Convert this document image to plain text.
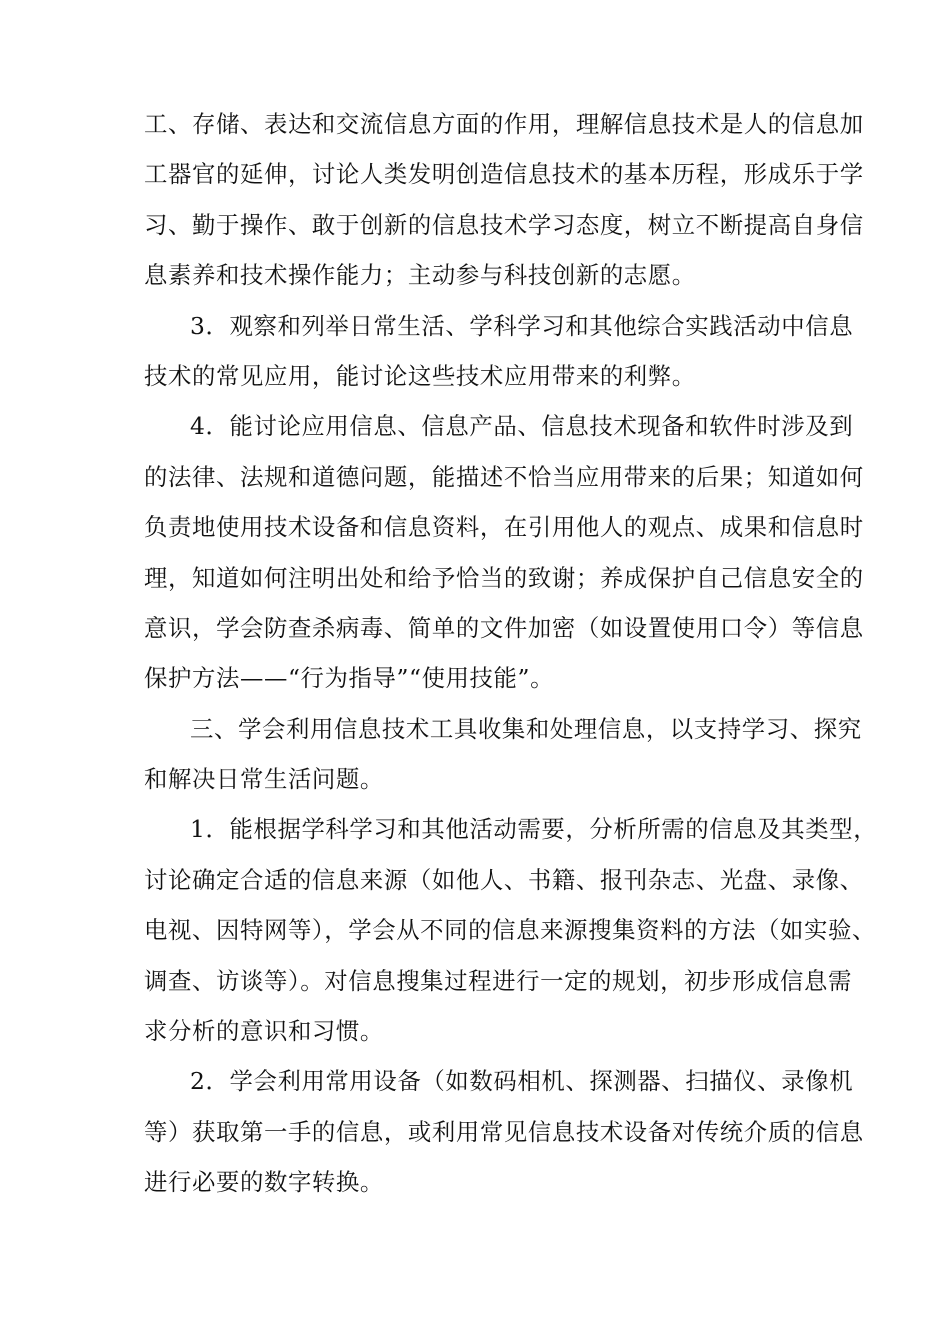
工、存储、表达和交流信息方面的作用，理解信息技术是人的信息加
工器官的延伸，讨论人类发明创造信息技术的基本历程，形成乐于学
习、勤于操作、敢于创新的信息技术学习态度，树立不断提高自身信
息素养和技术操作能力；主动参与科技创新的志愿。
3．观察和列举日常生活、学科学习和其他综合实践活动中信息
技术的常见应用，能讨论这些技术应用带来的利弊。
4．能讨论应用信息、信息产品、信息技术现备和软件时涉及到
的法律、法规和道德问题，能描述不恰当应用带来的后果；知道如何
负责地使用技术设备和信息资料，在引用他人的观点、成果和信息时
理，知道如何注明出处和给予恰当的致谢；养成保护自己信息安全的
意识，学会防查杀病毒、简单的文件加密（如设置使用口令）等信息
保护方法——“行为指导”“使用技能”。
三、学会利用信息技术工具收集和处理信息，以支持学习、探究
和解决日常生活问题。
1．能根据学科学习和其他活动需要，分析所需的信息及其类型，
讨论确定合适的信息来源（如他人、书籍、报刊杂志、光盘、录像、
电视、因特网等），学会从不同的信息来源搜集资料的方法（如实验、
调查、访谈等）。对信息搜集过程进行一定的规划，初步形成信息需
求分析的意识和习惯。
2．学会利用常用设备（如数码相机、探测器、扫描仪、录像机
等）获取第一手的信息，或利用常见信息技术设备对传统介质的信息
进行必要的数字转换。
